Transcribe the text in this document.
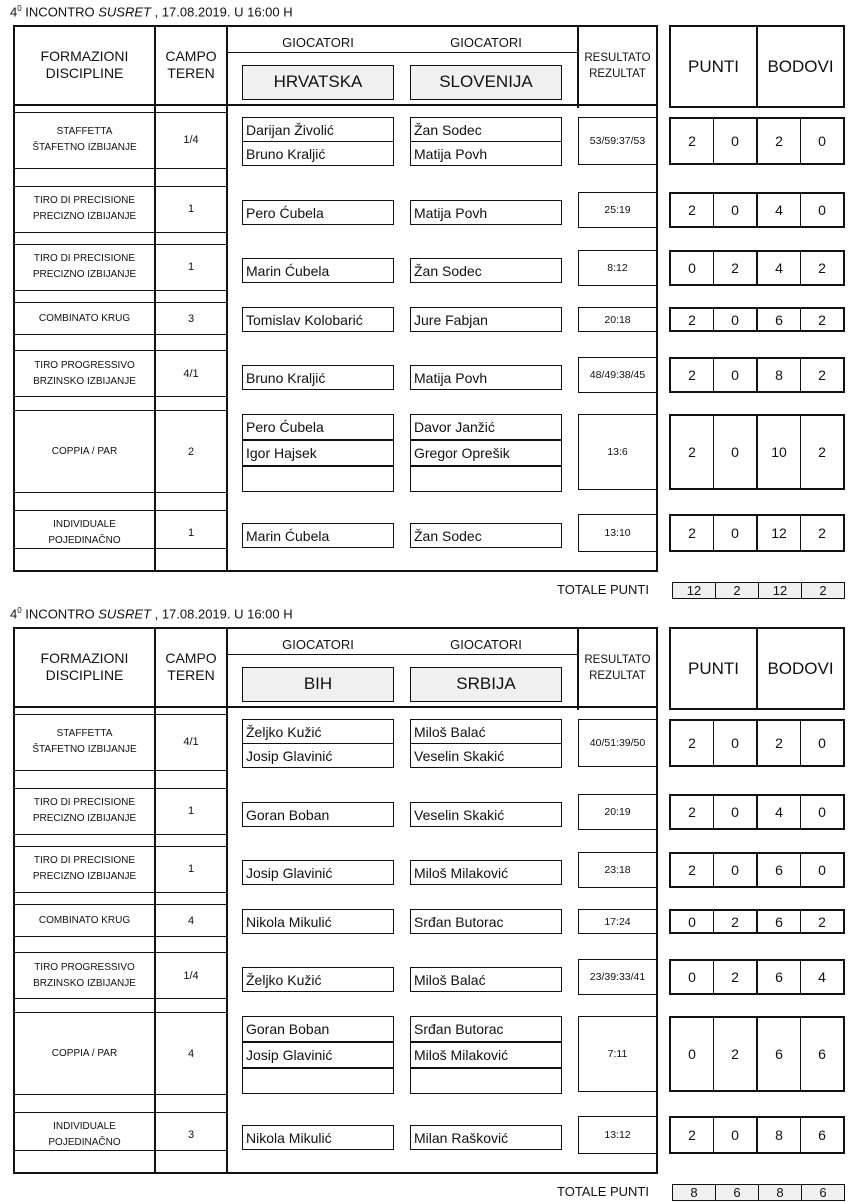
$4^0$ INCONTRO SUSRET , 17.08.2019. U 16:00 H
FORMAZIONI
DISCIPLINE
CAMPO
TEREN
GIOCATORI	GIOCATORI
RESULTATO
REZULTAT	PUNTI	BODOVI
HRVATSKA	SLOVENIJA
STAFFETTA
ŠTAFETNO IZBIJANJE
1/4
Darijan Živolić	Žan Sodec
Bruno Kraljić	Matija Povh
53/59:37/53	2	0	2	0
TIRO DI PRECISIONE
PRECIZNO IZBIJANJE
1	Pero Ćubela	Matija Povh	25:19	2	0	4	0
TIRO DI PRECISIONE
PRECIZNO IZBIJANJE
1	Marin Ćubela	Žan Sodec	8:12	0	2	4	2
COMBINATO KRUG	3	Tomislav Kolobarić	Jure Fabjan	20:18	2	0	6	2
TIRO PROGRESSIVO
BRZINSKO IZBIJANJE
4/1	Bruno Kraljić	Matija Povh	48/49:38/45	2	0	8	2
COPPIA / PAR	2
Pero Ćubela	Davor Janžić
Igor Hajsek	Gregor Oprešik	13:6	2	0	10	2
INDIVIDUALE
POJEDINAČNO
1	Marin Ćubela	Žan Sodec	13:10	2	0	12	2
TOTALE PUNTI	12	2	12	2
$4^0$ INCONTRO SUSRET , 17.08.2019. U 16:00 H
FORMAZIONI
DISCIPLINE
CAMPO
TEREN
GIOCATORI	GIOCATORI
RESULTATO
REZULTAT	PUNTI	BODOVI
BIH	SRBIJA
STAFFETTA
ŠTAFETNO IZBIJANJE
4/1
Željko Kužić	Miloš Balać
Josip Glavinić	Veselin Skakić
40/51:39/50	2	0	2	0
TIRO DI PRECISIONE
PRECIZNO IZBIJANJE
1	Goran Boban	Veselin Skakić	20:19	2	0	4	0
TIRO DI PRECISIONE
PRECIZNO IZBIJANJE
1	Josip Glavinić	Miloš Milaković	23:18	2	0	6	0
COMBINATO KRUG	4	Nikola Mikulić	Srđan Butorac	17:24	0	2	6	2
TIRO PROGRESSIVO
BRZINSKO IZBIJANJE
1/4	Željko Kužić	Miloš Balać	23/39:33/41	0	2	6	4
COPPIA / PAR	4
Goran Boban	Srđan Butorac
Josip Glavinić	Miloš Milaković	7:11	0	2	6	6
INDIVIDUALE
POJEDINAČNO
3	Nikola Mikulić	Milan Rašković	13:12	2	0	8	6
TOTALE PUNTI	8	6	8	6
